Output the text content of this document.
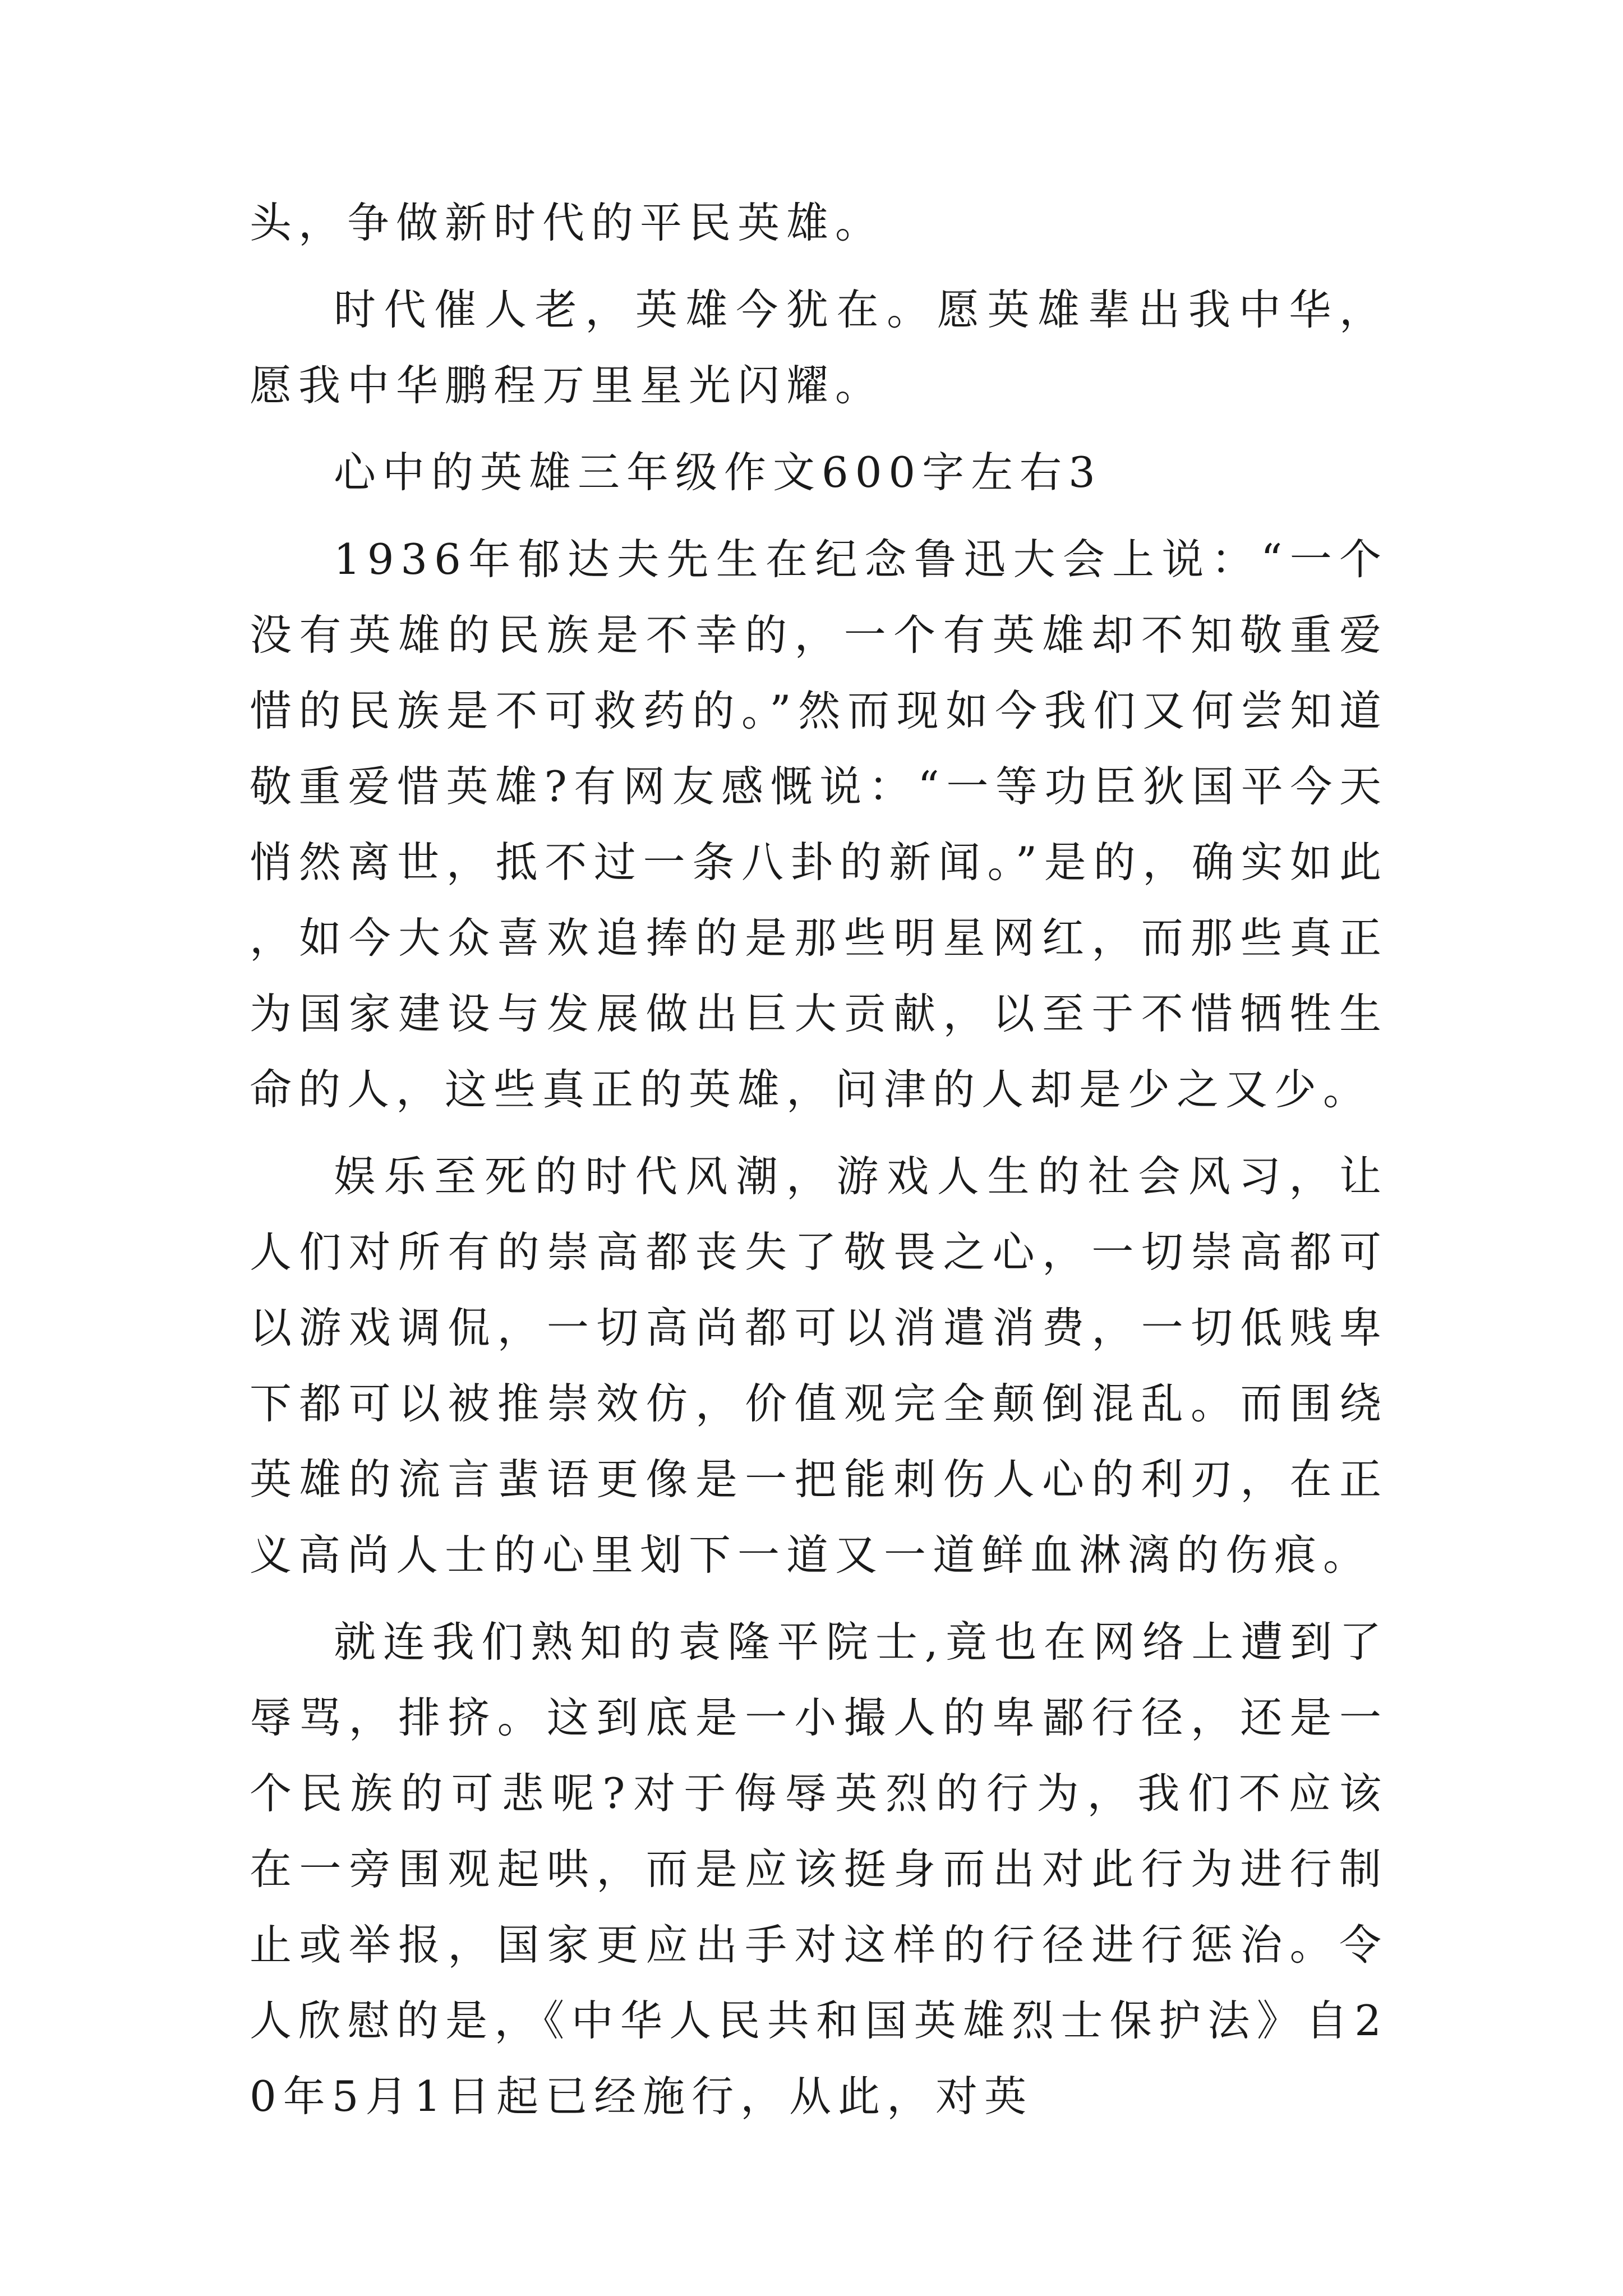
头，争做新时代的平民英雄。

时代催人老，英雄今犹在。愿英雄辈出我中华，愿我中华鹏程万里星光闪耀。

心中的英雄三年级作文600字左右3

1936年郁达夫先生在纪念鲁迅大会上说：“一个没有英雄的民族是不幸的，一个有英雄却不知敬重爱惜的民族是不可救药的。”然而现如今我们又何尝知道敬重爱惜英雄?有网友感慨说：“一等功臣狄国平今天悄然离世，抵不过一条八卦的新闻。”是的，确实如此，如今大众喜欢追捧的是那些明星网红，而那些真正为国家建设与发展做出巨大贡献，以至于不惜牺牲生命的人，这些真正的英雄，问津的人却是少之又少。

娱乐至死的时代风潮，游戏人生的社会风习，让人们对所有的崇高都丧失了敬畏之心，一切崇高都可以游戏调侃，一切高尚都可以消遣消费，一切低贱卑下都可以被推崇效仿，价值观完全颠倒混乱。而围绕英雄的流言蜚语更像是一把能刺伤人心的利刃，在正义高尚人士的心里划下一道又一道鲜血淋漓的伤痕。

就连我们熟知的袁隆平院士,竟也在网络上遭到了辱骂，排挤。这到底是一小撮人的卑鄙行径，还是一个民族的可悲呢?对于侮辱英烈的行为，我们不应该在一旁围观起哄，而是应该挺身而出对此行为进行制止或举报，国家更应出手对这样的行径进行惩治。令人欣慰的是，《中华人民共和国英雄烈士保护法》自20年5月1日起已经施行，从此，对英
